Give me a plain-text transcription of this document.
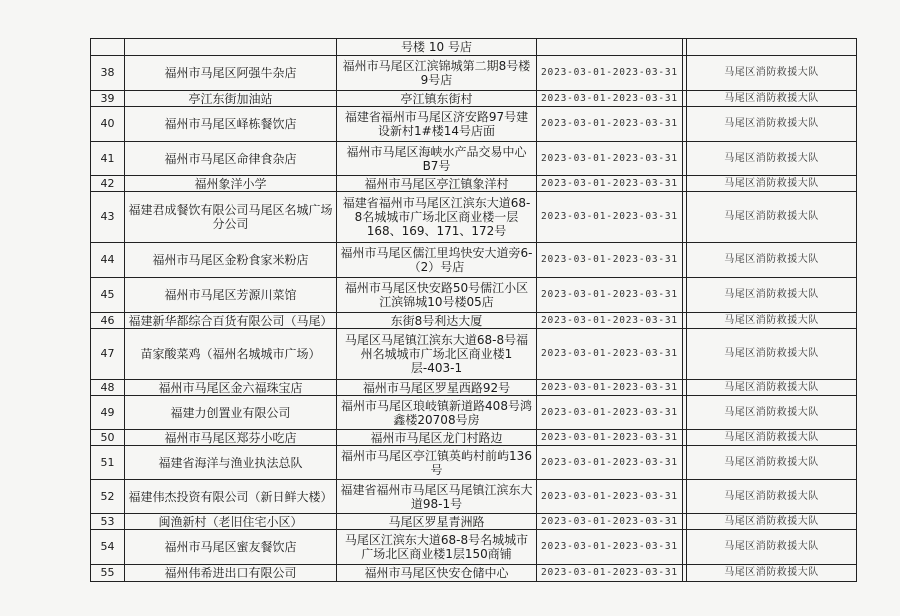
		号楼 10 号店			
38	福州市马尾区阿强牛杂店	福州市马尾区江滨锦城第二期8号楼9号店	2023-03-01-2023-03-31		马尾区消防救援大队
39	亭江东街加油站	亭江镇东街村	2023-03-01-2023-03-31		马尾区消防救援大队
40	福州市马尾区峄栋餐饮店	福建省福州市马尾区济安路97号建设新村1#楼14号店面	2023-03-01-2023-03-31		马尾区消防救援大队
41	福州市马尾区命律食杂店	福州市马尾区海峡水产品交易中心B7号	2023-03-01-2023-03-31		马尾区消防救援大队
42	福州象洋小学	福州市马尾区亭江镇象洋村	2023-03-01-2023-03-31		马尾区消防救援大队
43	福建君成餐饮有限公司马尾区名城广场分公司	福建省福州市马尾区江滨东大道68-8名城城市广场北区商业楼一层168、169、171、172号	2023-03-01-2023-03-31		马尾区消防救援大队
44	福州市马尾区金粉食家米粉店	福州市马尾区儒江里坞快安大道旁6-（2）号店	2023-03-01-2023-03-31		马尾区消防救援大队
45	福州市马尾区芳源川菜馆	福州市马尾区快安路50号儒江小区江滨锦城10号楼05店	2023-03-01-2023-03-31		马尾区消防救援大队
46	福建新华都综合百货有限公司（马尾）	东街8号利达大厦	2023-03-01-2023-03-31		马尾区消防救援大队
47	苗家酸菜鸡（福州名城城市广场）	马尾区马尾镇江滨东大道68-8号福州名城城市广场北区商业楼1层-403-1	2023-03-01-2023-03-31		马尾区消防救援大队
48	福州市马尾区金六福珠宝店	福州市马尾区罗星西路92号	2023-03-01-2023-03-31		马尾区消防救援大队
49	福建力创置业有限公司	福州市马尾区琅岐镇新道路408号鸿鑫楼20708号房	2023-03-01-2023-03-31		马尾区消防救援大队
50	福州市马尾区郑芬小吃店	福州市马尾区龙门村路边	2023-03-01-2023-03-31		马尾区消防救援大队
51	福建省海洋与渔业执法总队	福州市马尾区亭江镇英屿村前屿136号	2023-03-01-2023-03-31		马尾区消防救援大队
52	福建伟杰投资有限公司（新日鲜大楼）	福建省福州市马尾区马尾镇江滨东大道98-1号	2023-03-01-2023-03-31		马尾区消防救援大队
53	闽渔新村（老旧住宅小区）	马尾区罗星青洲路	2023-03-01-2023-03-31		马尾区消防救援大队
54	福州市马尾区蜜友餐饮店	马尾区江滨东大道68-8号名城城市广场北区商业楼1层150商铺	2023-03-01-2023-03-31		马尾区消防救援大队
55	福州伟希进出口有限公司	福州市马尾区快安仓储中心	2023-03-01-2023-03-31		马尾区消防救援大队
